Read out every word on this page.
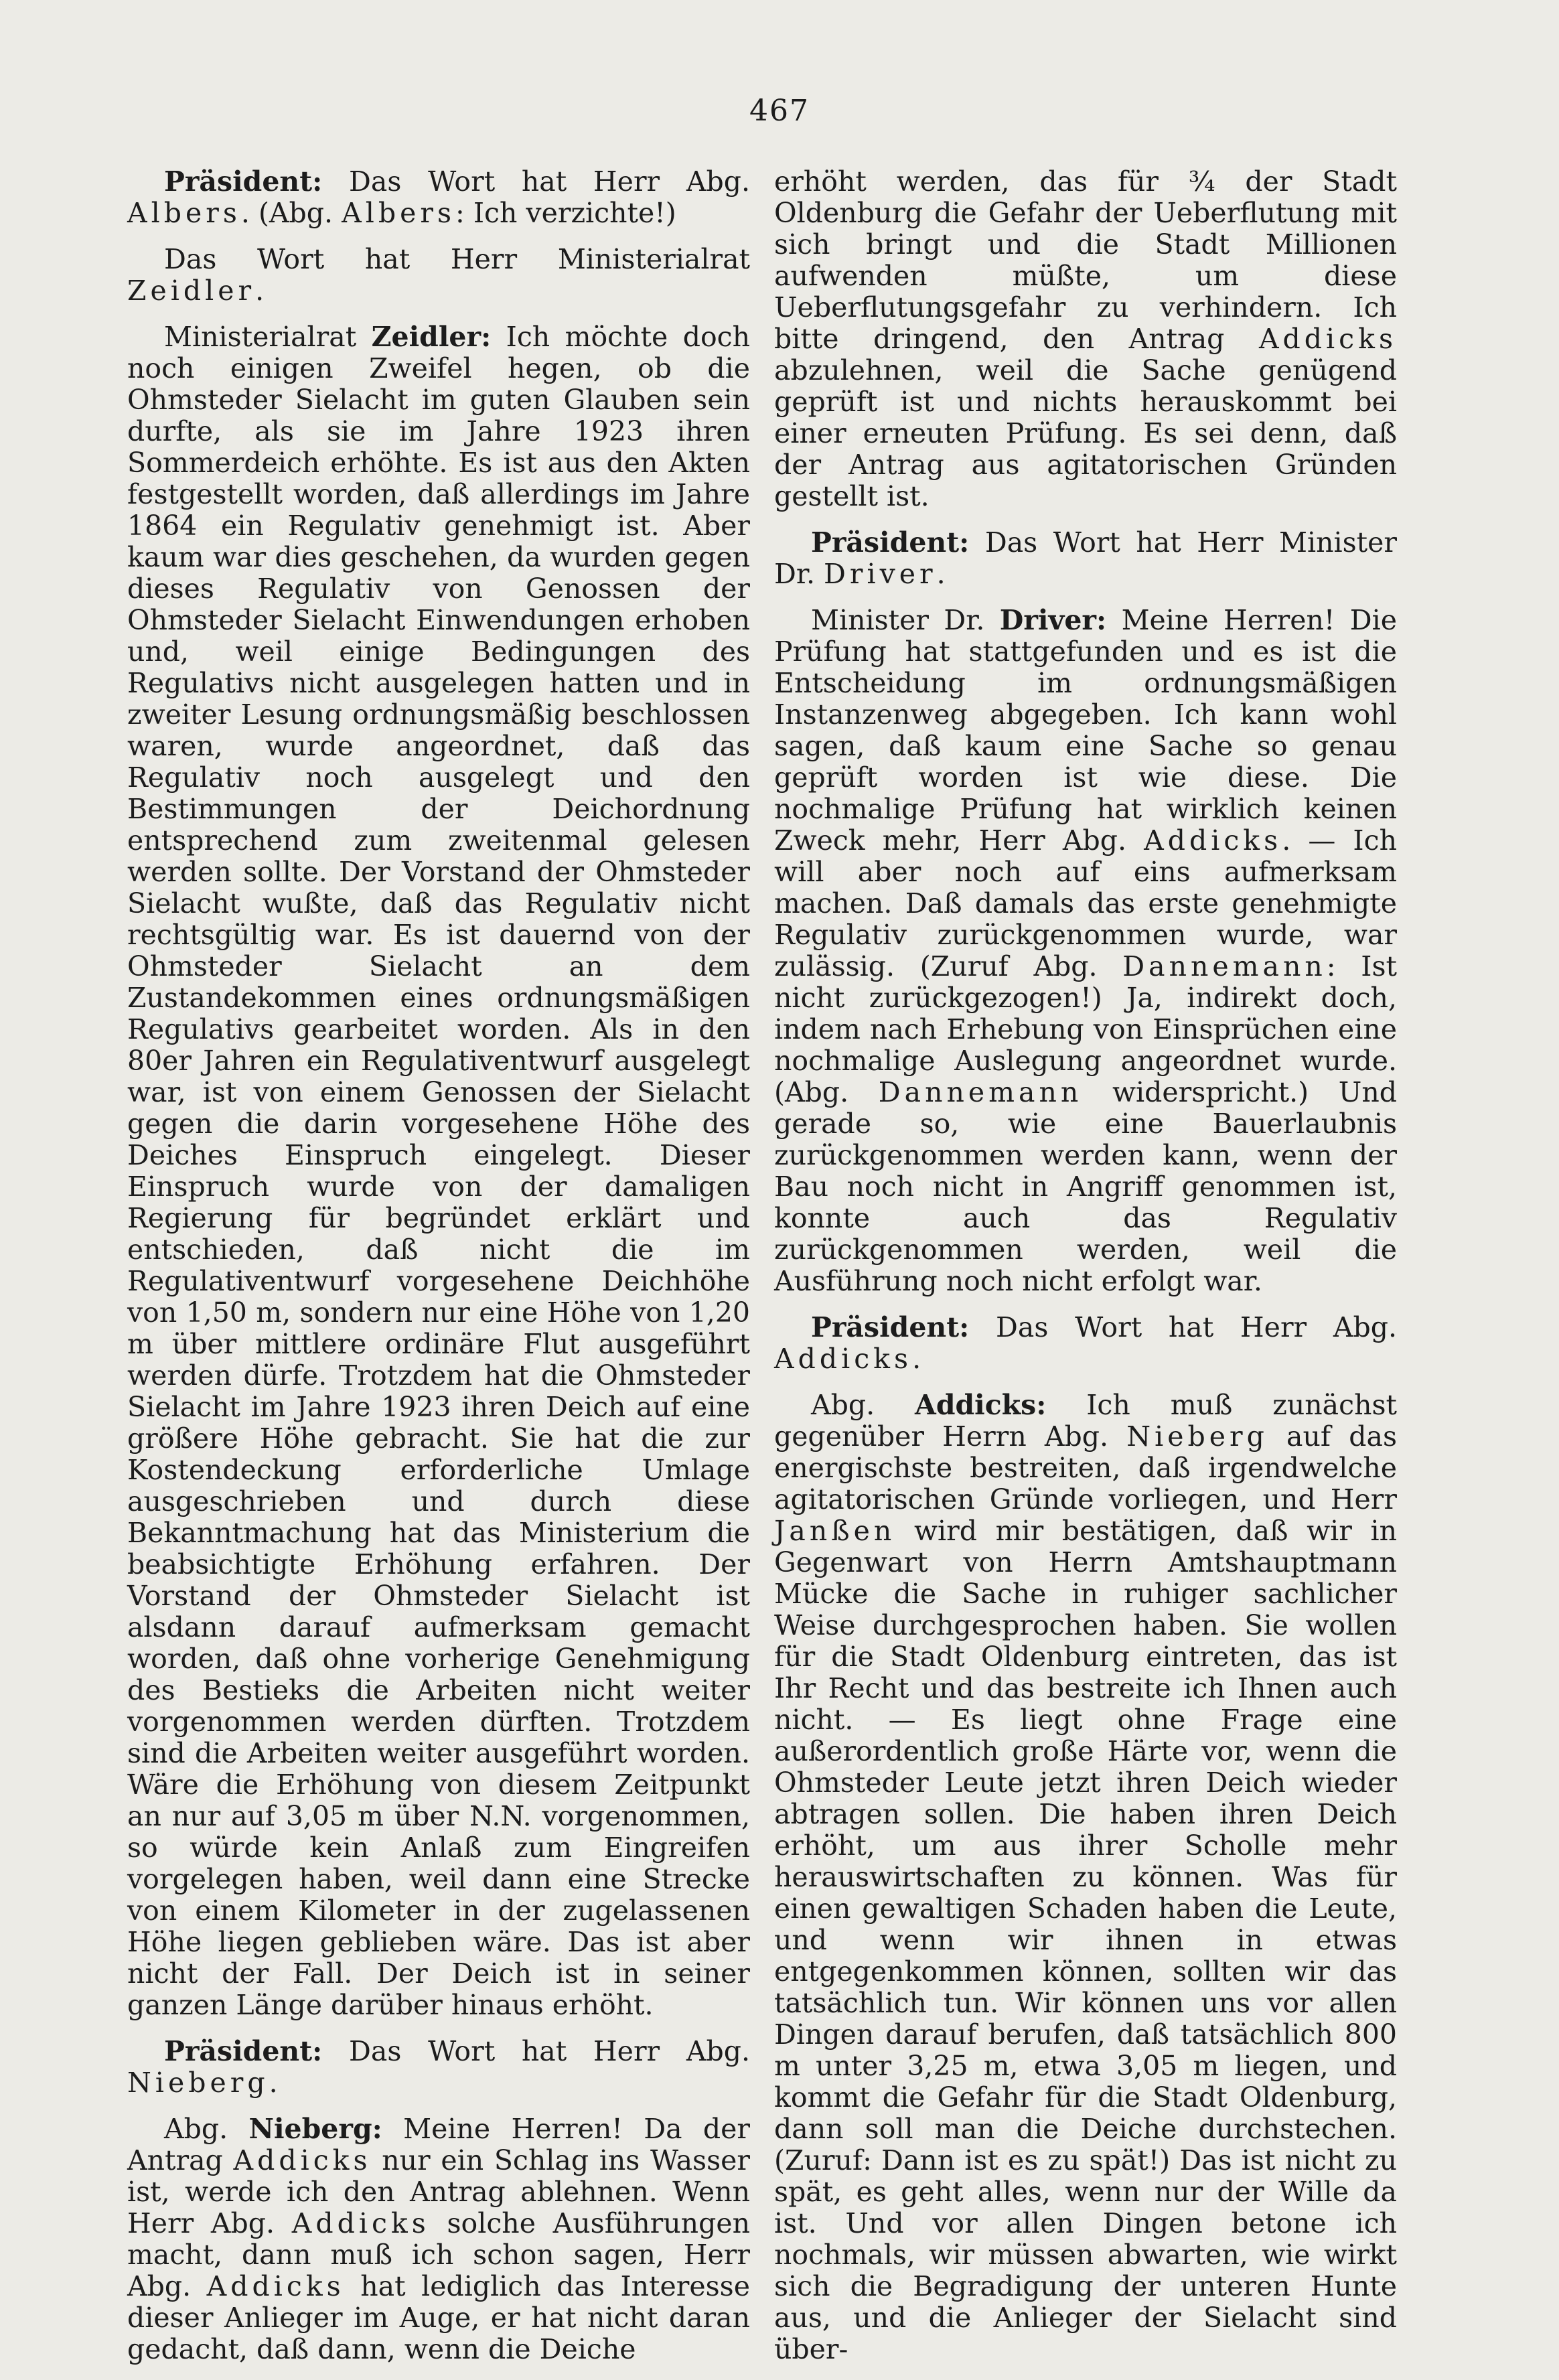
467

Präsident: Das Wort hat Herr Abg. Albers. (Abg. Albers: Ich verzichte!)

Das Wort hat Herr Ministerialrat Zeidler.

Ministerialrat Zeidler: Ich möchte doch noch einigen Zweifel hegen, ob die Ohmsteder Sielacht im guten Glauben sein durfte, als sie im Jahre 1923 ihren Sommerdeich erhöhte. Es ist aus den Akten festgestellt worden, daß allerdings im Jahre 1864 ein Regulativ genehmigt ist. Aber kaum war dies geschehen, da wurden gegen dieses Regulativ von Genossen der Ohmsteder Sielacht Einwendungen erhoben und, weil einige Bedingungen des Regulativs nicht ausgelegen hatten und in zweiter Lesung ordnungsmäßig beschlossen waren, wurde angeordnet, daß das Regulativ noch ausgelegt und den Bestimmungen der Deichordnung entsprechend zum zweitenmal gelesen werden sollte. Der Vorstand der Ohmsteder Sielacht wußte, daß das Regulativ nicht rechtsgültig war. Es ist dauernd von der Ohmsteder Sielacht an dem Zustandekommen eines ordnungsmäßigen Regulativs gearbeitet worden. Als in den 80er Jahren ein Regulativentwurf ausgelegt war, ist von einem Genossen der Sielacht gegen die darin vorgesehene Höhe des Deiches Einspruch eingelegt. Dieser Einspruch wurde von der damaligen Regierung für begründet erklärt und entschieden, daß nicht die im Regulativentwurf vorgesehene Deichhöhe von 1,50 m, sondern nur eine Höhe von 1,20 m über mittlere ordinäre Flut ausgeführt werden dürfe. Trotzdem hat die Ohmsteder Sielacht im Jahre 1923 ihren Deich auf eine größere Höhe gebracht. Sie hat die zur Kostendeckung erforderliche Umlage ausgeschrieben und durch diese Bekanntmachung hat das Ministerium die beabsichtigte Erhöhung erfahren. Der Vorstand der Ohmsteder Sielacht ist alsdann darauf aufmerksam gemacht worden, daß ohne vorherige Genehmigung des Bestieks die Arbeiten nicht weiter vorgenommen werden dürften. Trotzdem sind die Arbeiten weiter ausgeführt worden. Wäre die Erhöhung von diesem Zeitpunkt an nur auf 3,05 m über N.N. vorgenommen, so würde kein Anlaß zum Eingreifen vorgelegen haben, weil dann eine Strecke von einem Kilometer in der zugelassenen Höhe liegen geblieben wäre. Das ist aber nicht der Fall. Der Deich ist in seiner ganzen Länge darüber hinaus erhöht.

Präsident: Das Wort hat Herr Abg. Nieberg.

Abg. Nieberg: Meine Herren! Da der Antrag Addicks nur ein Schlag ins Wasser ist, werde ich den Antrag ablehnen. Wenn Herr Abg. Addicks solche Ausführungen macht, dann muß ich schon sagen, Herr Abg. Addicks hat lediglich das Interesse dieser Anlieger im Auge, er hat nicht daran gedacht, daß dann, wenn die Deiche

erhöht werden, das für ¾ der Stadt Oldenburg die Gefahr der Ueberflutung mit sich bringt und die Stadt Millionen aufwenden müßte, um diese Ueberflutungsgefahr zu verhindern. Ich bitte dringend, den Antrag Addicks abzulehnen, weil die Sache genügend geprüft ist und nichts herauskommt bei einer erneuten Prüfung. Es sei denn, daß der Antrag aus agitatorischen Gründen gestellt ist.

Präsident: Das Wort hat Herr Minister Dr. Driver.

Minister Dr. Driver: Meine Herren! Die Prüfung hat stattgefunden und es ist die Entscheidung im ordnungsmäßigen Instanzenweg abgegeben. Ich kann wohl sagen, daß kaum eine Sache so genau geprüft worden ist wie diese. Die nochmalige Prüfung hat wirklich keinen Zweck mehr, Herr Abg. Addicks. — Ich will aber noch auf eins aufmerksam machen. Daß damals das erste genehmigte Regulativ zurückgenommen wurde, war zulässig. (Zuruf Abg. Dannemann: Ist nicht zurückgezogen!) Ja, indirekt doch, indem nach Erhebung von Einsprüchen eine nochmalige Auslegung angeordnet wurde. (Abg. Dannemann widerspricht.) Und gerade so, wie eine Bauerlaubnis zurückgenommen werden kann, wenn der Bau noch nicht in Angriff genommen ist, konnte auch das Regulativ zurückgenommen werden, weil die Ausführung noch nicht erfolgt war.

Präsident: Das Wort hat Herr Abg. Addicks.

Abg. Addicks: Ich muß zunächst gegenüber Herrn Abg. Nieberg auf das energischste bestreiten, daß irgendwelche agitatorischen Gründe vorliegen, und Herr Janßen wird mir bestätigen, daß wir in Gegenwart von Herrn Amtshauptmann Mücke die Sache in ruhiger sachlicher Weise durchgesprochen haben. Sie wollen für die Stadt Oldenburg eintreten, das ist Ihr Recht und das bestreite ich Ihnen auch nicht. — Es liegt ohne Frage eine außerordentlich große Härte vor, wenn die Ohmsteder Leute jetzt ihren Deich wieder abtragen sollen. Die haben ihren Deich erhöht, um aus ihrer Scholle mehr herauswirtschaften zu können. Was für einen gewaltigen Schaden haben die Leute, und wenn wir ihnen in etwas entgegenkommen können, sollten wir das tatsächlich tun. Wir können uns vor allen Dingen darauf berufen, daß tatsächlich 800 m unter 3,25 m, etwa 3,05 m liegen, und kommt die Gefahr für die Stadt Oldenburg, dann soll man die Deiche durchstechen. (Zuruf: Dann ist es zu spät!) Das ist nicht zu spät, es geht alles, wenn nur der Wille da ist. Und vor allen Dingen betone ich nochmals, wir müssen abwarten, wie wirkt sich die Begradigung der unteren Hunte aus, und die Anlieger der Sielacht sind über-
